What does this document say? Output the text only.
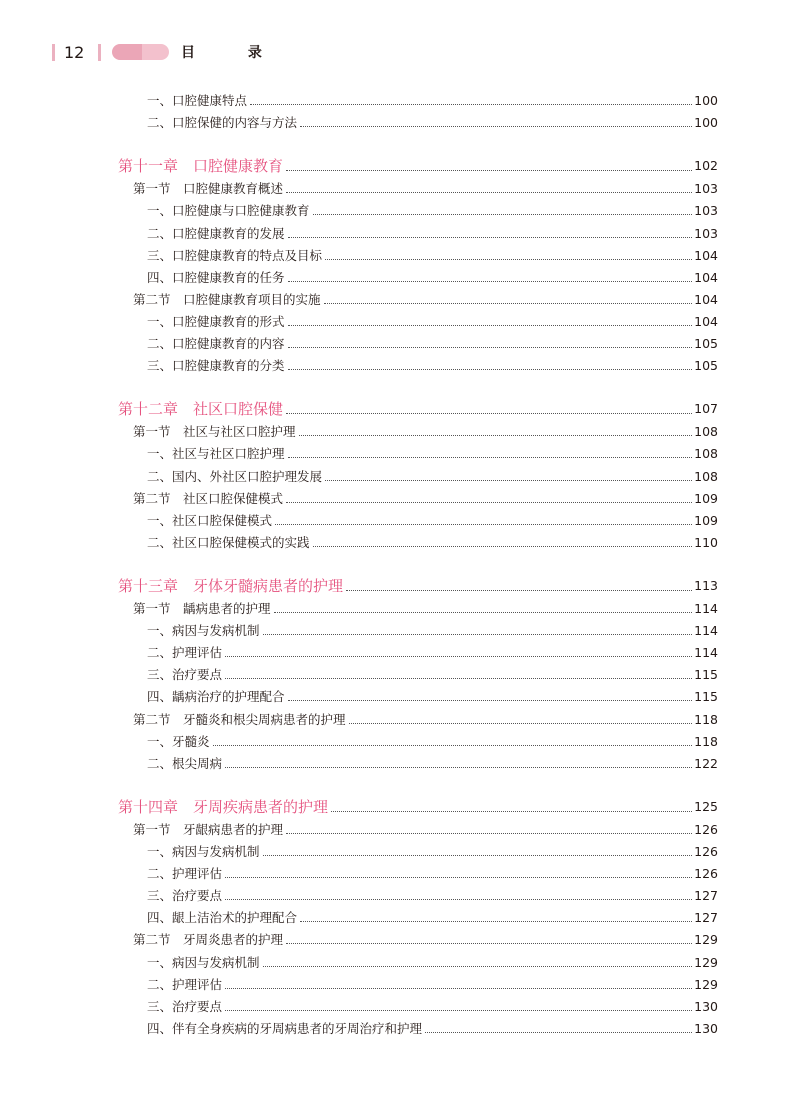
12	目 录
一、口腔健康特点	100
二、口腔保健的内容与方法	100
第十一章　口腔健康教育	102
第一节　口腔健康教育概述	103
一、口腔健康与口腔健康教育	103
二、口腔健康教育的发展	103
三、口腔健康教育的特点及目标	104
四、口腔健康教育的任务	104
第二节　口腔健康教育项目的实施	104
一、口腔健康教育的形式	104
二、口腔健康教育的内容	105
三、口腔健康教育的分类	105
第十二章　社区口腔保健	107
第一节　社区与社区口腔护理	108
一、社区与社区口腔护理	108
二、国内、外社区口腔护理发展	108
第二节　社区口腔保健模式	109
一、社区口腔保健模式	109
二、社区口腔保健模式的实践	110
第十三章　牙体牙髓病患者的护理	113
第一节　龋病患者的护理	114
一、病因与发病机制	114
二、护理评估	114
三、治疗要点	115
四、龋病治疗的护理配合	115
第二节　牙髓炎和根尖周病患者的护理	118
一、牙髓炎	118
二、根尖周病	122
第十四章　牙周疾病患者的护理	125
第一节　牙龈病患者的护理	126
一、病因与发病机制	126
二、护理评估	126
三、治疗要点	127
四、龈上洁治术的护理配合	127
第二节　牙周炎患者的护理	129
一、病因与发病机制	129
二、护理评估	129
三、治疗要点	130
四、伴有全身疾病的牙周病患者的牙周治疗和护理	130
